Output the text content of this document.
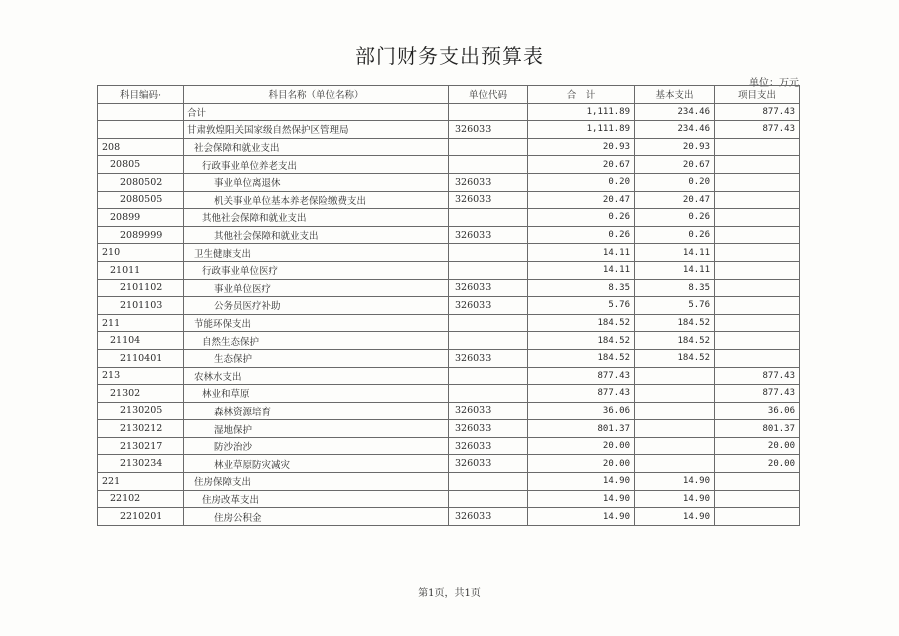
部门财务支出预算表
单位：万元
科目编码·	科目名称（单位名称）	单位代码	合　计	基本支出	项目支出
	合计		1,111.89	234.46	877.43
	甘肃敦煌阳关国家级自然保护区管理局	326033	1,111.89	234.46	877.43
208	社会保障和就业支出		20.93	20.93	
20805	行政事业单位养老支出		20.67	20.67	
2080502	事业单位离退休	326033	0.20	0.20	
2080505	机关事业单位基本养老保险缴费支出	326033	20.47	20.47	
20899	其他社会保障和就业支出		0.26	0.26	
2089999	其他社会保障和就业支出	326033	0.26	0.26	
210	卫生健康支出		14.11	14.11	
21011	行政事业单位医疗		14.11	14.11	
2101102	事业单位医疗	326033	8.35	8.35	
2101103	公务员医疗补助	326033	5.76	5.76	
211	节能环保支出		184.52	184.52	
21104	自然生态保护		184.52	184.52	
2110401	生态保护	326033	184.52	184.52	
213	农林水支出		877.43		877.43
21302	林业和草原		877.43		877.43
2130205	森林资源培育	326033	36.06		36.06
2130212	湿地保护	326033	801.37		801.37
2130217	防沙治沙	326033	20.00		20.00
2130234	林业草原防灾减灾	326033	20.00		20.00
221	住房保障支出		14.90	14.90	
22102	住房改革支出		14.90	14.90	
2210201	住房公积金	326033	14.90	14.90	
第1页，共1页
